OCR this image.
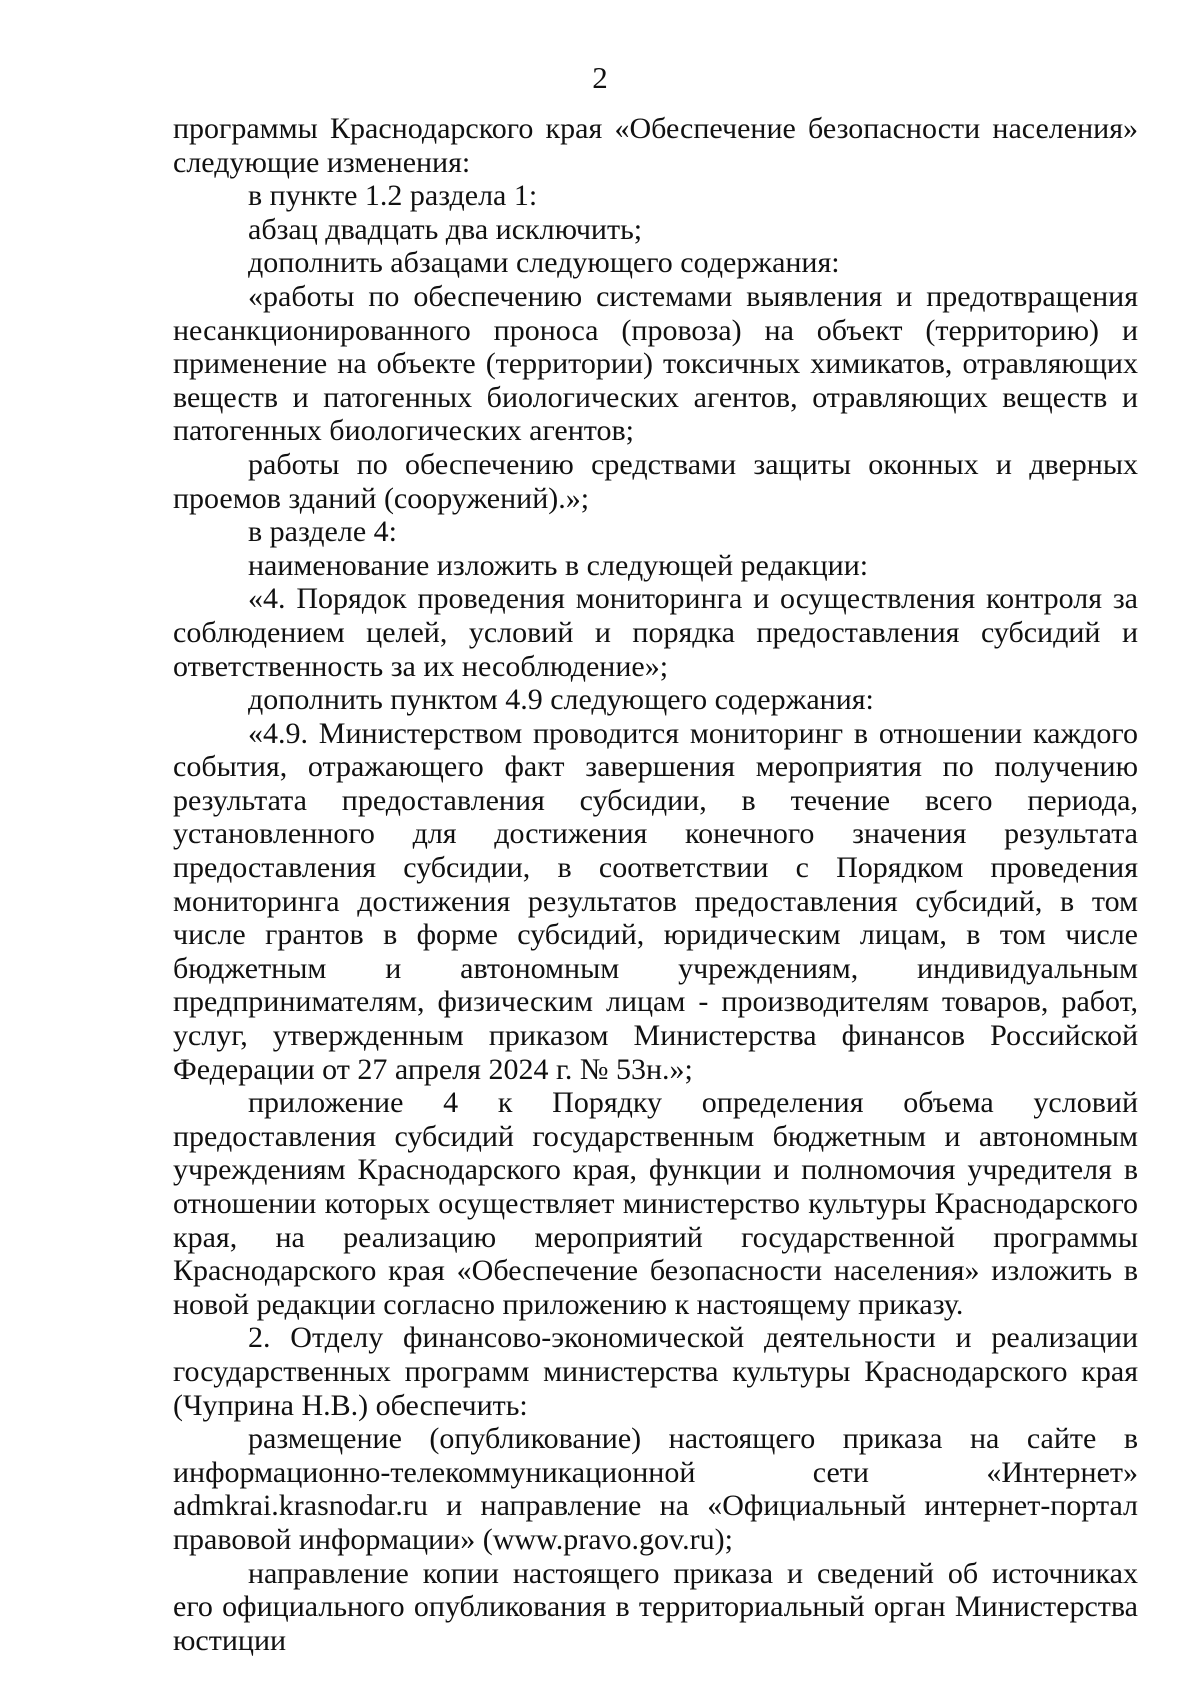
2

программы Краснодарского края «Обеспечение безопасности населения» следующие изменения:

в пункте 1.2 раздела 1:

абзац двадцать два исключить;

дополнить абзацами следующего содержания:

«работы по обеспечению системами выявления и предотвращения несанкционированного проноса (провоза) на объект (территорию) и применение на объекте (территории) токсичных химикатов, отравляющих веществ и патогенных биологических агентов, отравляющих веществ и патогенных биологических агентов;

работы по обеспечению средствами защиты оконных и дверных проемов зданий (сооружений).»;

в разделе 4:

наименование изложить в следующей редакции:

«4. Порядок проведения мониторинга и осуществления контроля за соблюдением целей, условий и порядка предоставления субсидий и ответственность за их несоблюдение»;

дополнить пунктом 4.9 следующего содержания:

«4.9. Министерством проводится мониторинг в отношении каждого события, отражающего факт завершения мероприятия по получению результата предоставления субсидии, в течение всего периода, установленного для достижения конечного значения результата предоставления субсидии, в соответствии с Порядком проведения мониторинга достижения результатов предоставления субсидий, в том числе грантов в форме субсидий, юридическим лицам, в том числе бюджетным и автономным учреждениям, индивидуальным предпринимателям, физическим лицам - производителям товаров, работ, услуг, утвержденным приказом Министерства финансов Российской Федерации от 27 апреля 2024 г. № 53н.»;

приложение 4 к Порядку определения объема условий предоставления субсидий государственным бюджетным и автономным учреждениям Краснодарского края, функции и полномочия учредителя в отношении которых осуществляет министерство культуры Краснодарского края, на реализацию мероприятий государственной программы Краснодарского края «Обеспечение безопасности населения» изложить в новой редакции согласно приложению к настоящему приказу.

2. Отделу финансово-экономической деятельности и реализации государственных программ министерства культуры Краснодарского края (Чуприна Н.В.) обеспечить:

размещение (опубликование) настоящего приказа на сайте в информационно-телекоммуникационной сети «Интернет» admkrai.krasnodar.ru и направление на «Официальный интернет-портал правовой информации» (www.pravo.gov.ru);

направление копии настоящего приказа и сведений об источниках его официального опубликования в территориальный орган Министерства юстиции
